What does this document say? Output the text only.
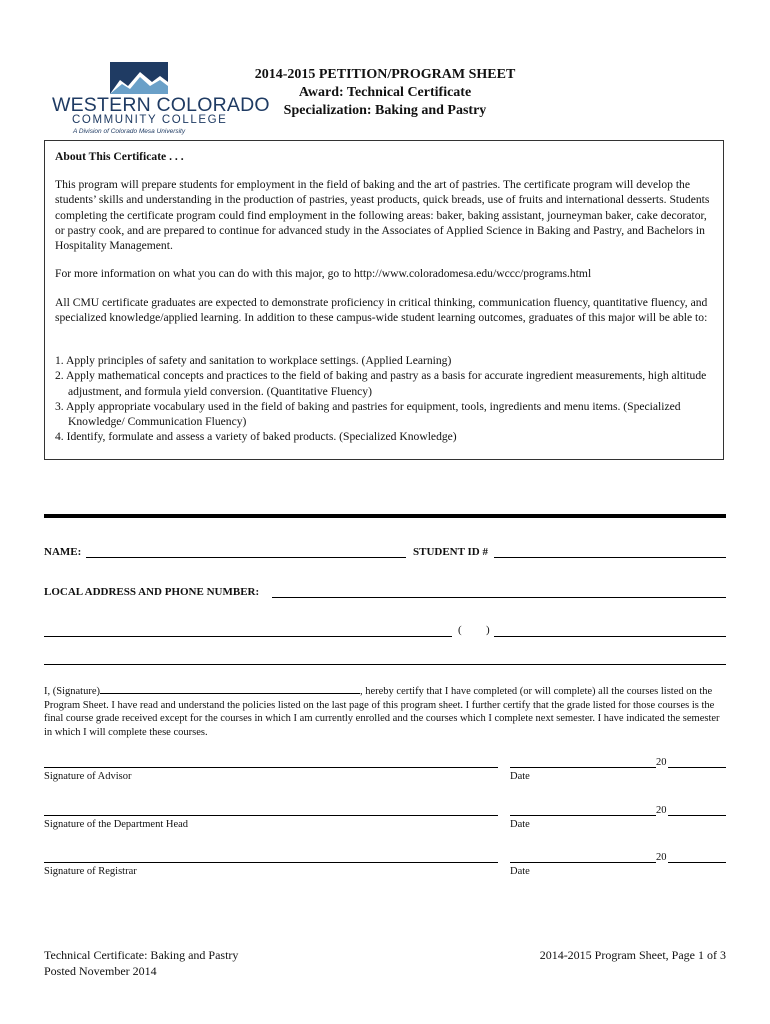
WESTERN COLORADO
COMMUNITY COLLEGE
A Division of Colorado Mesa University
2014-2015 PETITION/PROGRAM SHEET
Award: Technical Certificate
Specialization: Baking and Pastry
About This Certificate . . .
This program will prepare students for employment in the field of baking and the art of pastries. The certificate program will develop the students’ skills and understanding in the production of pastries, yeast products, quick breads, use of fruits and international desserts. Students completing the certificate program could find employment in the following areas: baker, baking assistant, journeyman baker, cake decorator, or pastry cook, and are prepared to continue for advanced study in the Associates of Applied Science in Baking and Pastry, and Bachelors in Hospitality Management.
For more information on what you can do with this major, go to http://www.coloradomesa.edu/wccc/programs.html
All CMU certificate graduates are expected to demonstrate proficiency in critical thinking, communication fluency, quantitative fluency, and specialized knowledge/applied learning. In addition to these campus-wide student learning outcomes, graduates of this major will be able to:
1. Apply principles of safety and sanitation to workplace settings. (Applied Learning)
2. Apply mathematical concepts and practices to the field of baking and pastry as a basis for accurate ingredient measurements, high altitude adjustment, and formula yield conversion. (Quantitative Fluency)
3. Apply appropriate vocabulary used in the field of baking and pastries for equipment, tools, ingredients and menu items. (Specialized Knowledge/ Communication Fluency)
4. Identify, formulate and assess a variety of baked products. (Specialized Knowledge)
NAME:	STUDENT ID #
LOCAL ADDRESS AND PHONE NUMBER:
( )
I, (Signature)	, hereby certify that I have completed (or will complete) all the courses listed on the Program Sheet. I have read and understand the policies listed on the last page of this program sheet. I further certify that the grade listed for those courses is the final course grade received except for the courses in which I am currently enrolled and the courses which I complete next semester. I have indicated the semester in which I will complete these courses.
20
Signature of Advisor	Date
20
Signature of the Department Head	Date
20
Signature of Registrar	Date
Technical Certificate: Baking and Pastry
Posted November 2014
2014-2015 Program Sheet, Page 1 of 3
